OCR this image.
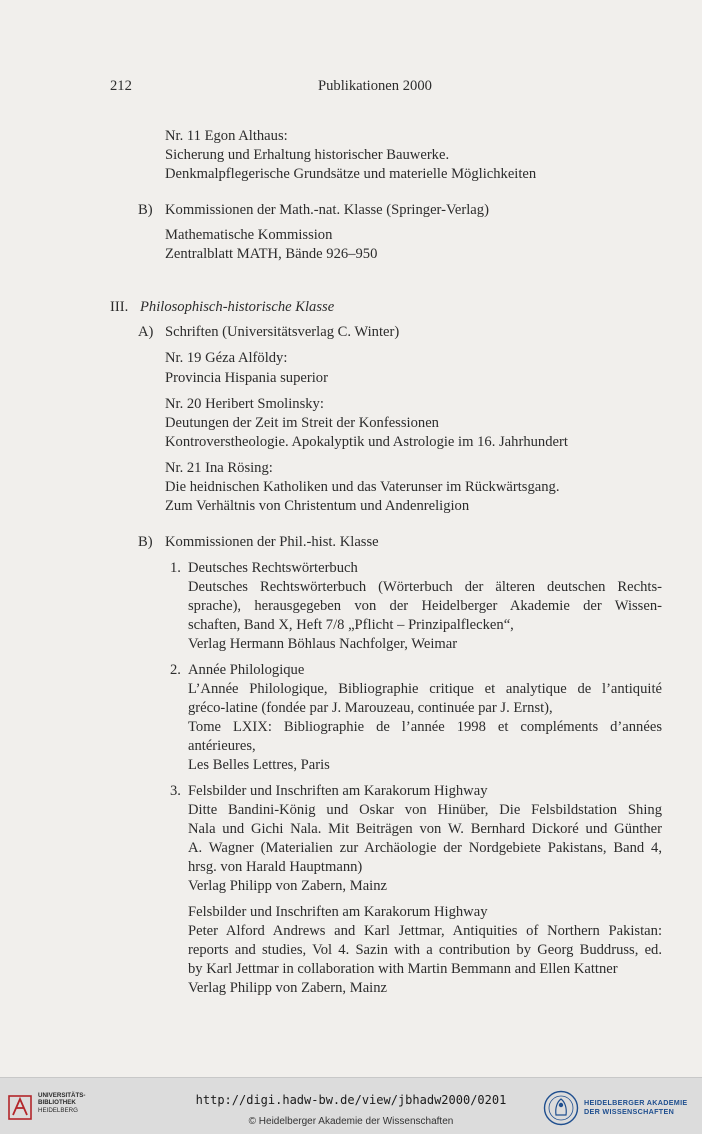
212	Publikationen 2000
Nr. 11 Egon Althaus:
Sicherung und Erhaltung historischer Bauwerke.
Denkmalpflegerische Grundsätze und materielle Möglichkeiten
B) Kommissionen der Math.-nat. Klasse (Springer-Verlag)
Mathematische Kommission
Zentralblatt MATH, Bände 926–950
III. Philosophisch-historische Klasse
A) Schriften (Universitätsverlag C. Winter)
Nr. 19 Géza Alföldy:
Provincia Hispania superior
Nr. 20 Heribert Smolinsky:
Deutungen der Zeit im Streit der Konfessionen
Kontroverstheologie. Apokalyptik und Astrologie im 16. Jahrhundert
Nr. 21 Ina Rösing:
Die heidnischen Katholiken und das Vaterunser im Rückwärtsgang.
Zum Verhältnis von Christentum und Andenreligion
B) Kommissionen der Phil.-hist. Klasse
1. Deutsches Rechtswörterbuch
Deutsches Rechtswörterbuch (Wörterbuch der älteren deutschen Rechts-
sprache), herausgegeben von der Heidelberger Akademie der Wissen-
schaften, Band X, Heft 7/8 „Pflicht – Prinzipalflecken“,
Verlag Hermann Böhlaus Nachfolger, Weimar
2. Année Philologique
L’Année Philologique, Bibliographie critique et analytique de l’antiquité
gréco-latine (fondée par J. Marouzeau, continuée par J. Ernst),
Tome LXIX: Bibliographie de l’année 1998 et compléments d’années
antérieures,
Les Belles Lettres, Paris
3. Felsbilder und Inschriften am Karakorum Highway
Ditte Bandini-König und Oskar von Hinüber, Die Felsbildstation Shing
Nala und Gichi Nala. Mit Beiträgen von W. Bernhard Dickoré und Günther
A. Wagner (Materialien zur Archäologie der Nordgebiete Pakistans, Band 4,
hrsg. von Harald Hauptmann)
Verlag Philipp von Zabern, Mainz
Felsbilder und Inschriften am Karakorum Highway
Peter Alford Andrews and Karl Jettmar, Antiquities of Northern Pakistan:
reports and studies, Vol 4. Sazin with a contribution by Georg Buddruss, ed.
by Karl Jettmar in collaboration with Martin Bemmann and Ellen Kattner
Verlag Philipp von Zabern, Mainz
UNIVERSITÄTS-
BIBLIOTHEK
HEIDELBERG
http://digi.hadw-bw.de/view/jbhadw2000/0201
© Heidelberger Akademie der Wissenschaften
HEIDELBERGER AKADEMIE
DER WISSENSCHAFTEN
